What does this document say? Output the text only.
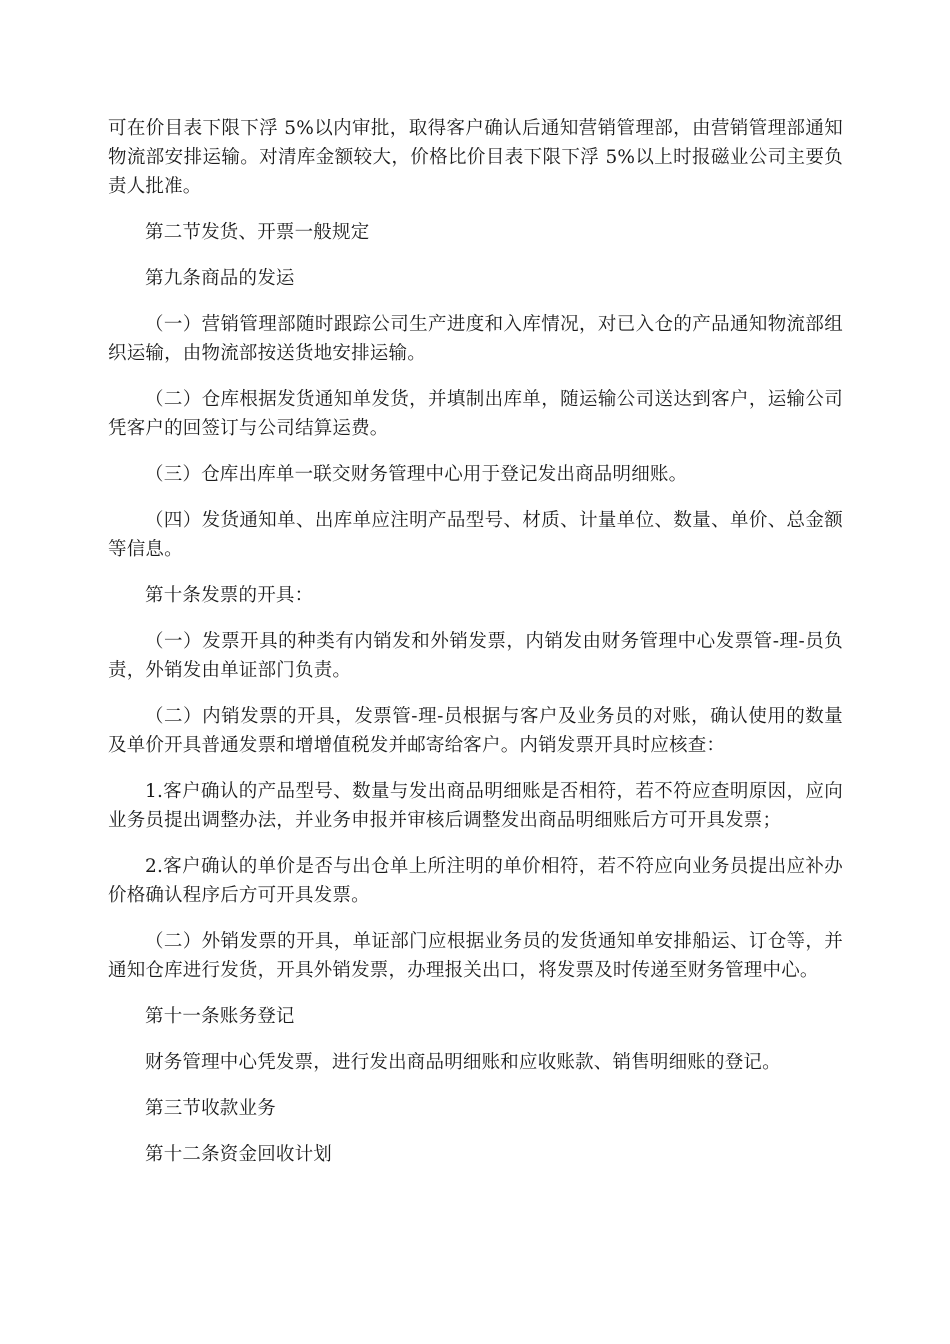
可在价目表下限下浮 5%以内审批，取得客户确认后通知营销管理部，由营销管理部通知物流部安排运输。对清库金额较大，价格比价目表下限下浮 5%以上时报磁业公司主要负责人批准。

第二节发货、开票一般规定

第九条商品的发运

（一）营销管理部随时跟踪公司生产进度和入库情况，对已入仓的产品通知物流部组织运输，由物流部按送货地安排运输。

（二）仓库根据发货通知单发货，并填制出库单，随运输公司送达到客户，运输公司凭客户的回签订与公司结算运费。

（三）仓库出库单一联交财务管理中心用于登记发出商品明细账。

（四）发货通知单、出库单应注明产品型号、材质、计量单位、数量、单价、总金额等信息。

第十条发票的开具：

（一）发票开具的种类有内销发和外销发票，内销发由财务管理中心发票管-理-员负责，外销发由单证部门负责。

（二）内销发票的开具，发票管-理-员根据与客户及业务员的对账，确认使用的数量及单价开具普通发票和增增值税发并邮寄给客户。内销发票开具时应核查：

1.客户确认的产品型号、数量与发出商品明细账是否相符，若不符应查明原因，应向业务员提出调整办法，并业务申报并审核后调整发出商品明细账后方可开具发票；

2.客户确认的单价是否与出仓单上所注明的单价相符，若不符应向业务员提出应补办价格确认程序后方可开具发票。

（二）外销发票的开具，单证部门应根据业务员的发货通知单安排船运、订仓等，并通知仓库进行发货，开具外销发票，办理报关出口，将发票及时传递至财务管理中心。

第十一条账务登记

财务管理中心凭发票，进行发出商品明细账和应收账款、销售明细账的登记。

第三节收款业务

第十二条资金回收计划
